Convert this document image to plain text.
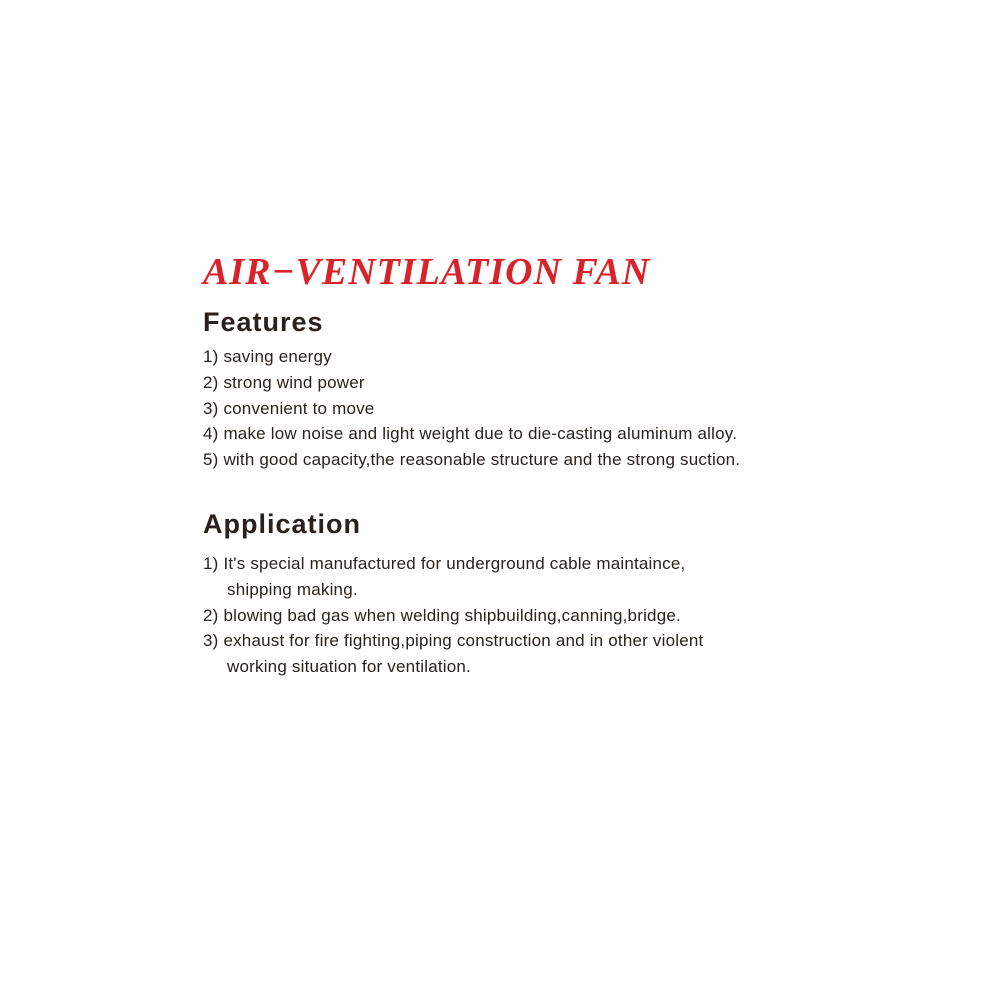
AIR−VENTILATION FAN
Features
1) saving energy
2) strong wind power
3) convenient to move
4) make low noise and light weight due to die-casting aluminum alloy.
5) with good capacity,the reasonable structure and the strong suction.
Application
1) It's special manufactured for underground cable maintaince,
shipping making.
2) blowing bad gas when welding shipbuilding,canning,bridge.
3) exhaust for fire fighting,piping construction and in other violent
working situation for ventilation.
